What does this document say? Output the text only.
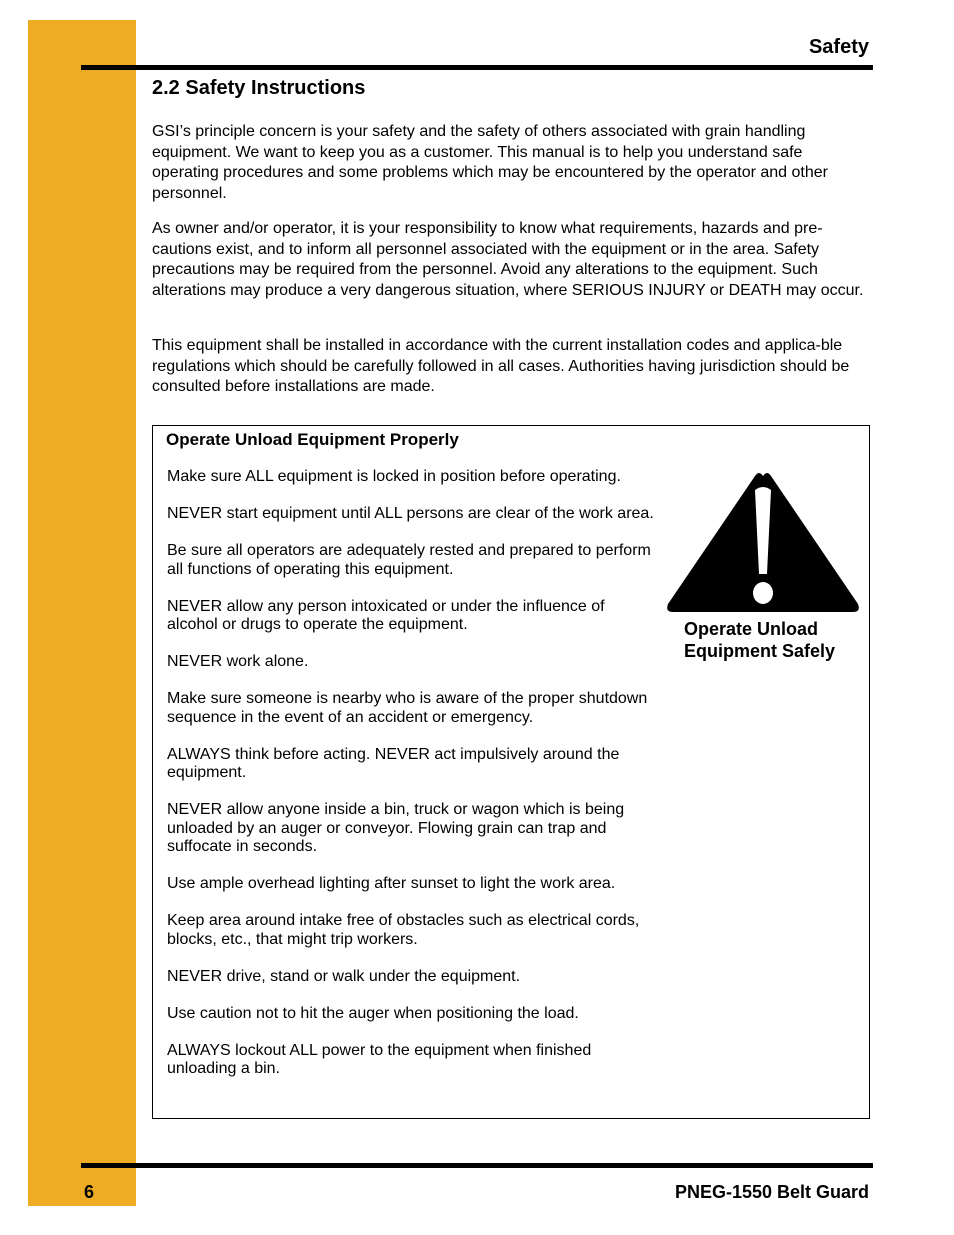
Safety
2.2 Safety Instructions

GSI’s principle concern is your safety and the safety of others associated with grain handling equipment. We want to keep you as a customer. This manual is to help you understand safe operating procedures and some problems which may be encountered by the operator and other personnel.

As owner and/or operator, it is your responsibility to know what requirements, hazards and pre-cautions exist, and to inform all personnel associated with the equipment or in the area. Safety precautions may be required from the personnel. Avoid any alterations to the equipment. Such alterations may produce a very dangerous situation, where SERIOUS INJURY or DEATH may occur.

This equipment shall be installed in accordance with the current installation codes and applica-ble regulations which should be carefully followed in all cases. Authorities having jurisdiction should be consulted before installations are made.

Operate Unload Equipment Properly
Make sure ALL equipment is locked in position before operating.
NEVER start equipment until ALL persons are clear of the work area.
Be sure all operators are adequately rested and prepared to perform all functions of operating this equipment.
NEVER allow any person intoxicated or under the influence of alcohol or drugs to operate the equipment.
NEVER work alone.
Make sure someone is nearby who is aware of the proper shutdown sequence in the event of an accident or emergency.
ALWAYS think before acting. NEVER act impulsively around the equipment.
NEVER allow anyone inside a bin, truck or wagon which is being unloaded by an auger or conveyor. Flowing grain can trap and suffocate in seconds.
Use ample overhead lighting after sunset to light the work area.
Keep area around intake free of obstacles such as electrical cords, blocks, etc., that might trip workers.
NEVER drive, stand or walk under the equipment.
Use caution not to hit the auger when positioning the load.
ALWAYS lockout ALL power to the equipment when finished unloading a bin.
Operate Unload
Equipment Safely
6	PNEG-1550 Belt Guard
